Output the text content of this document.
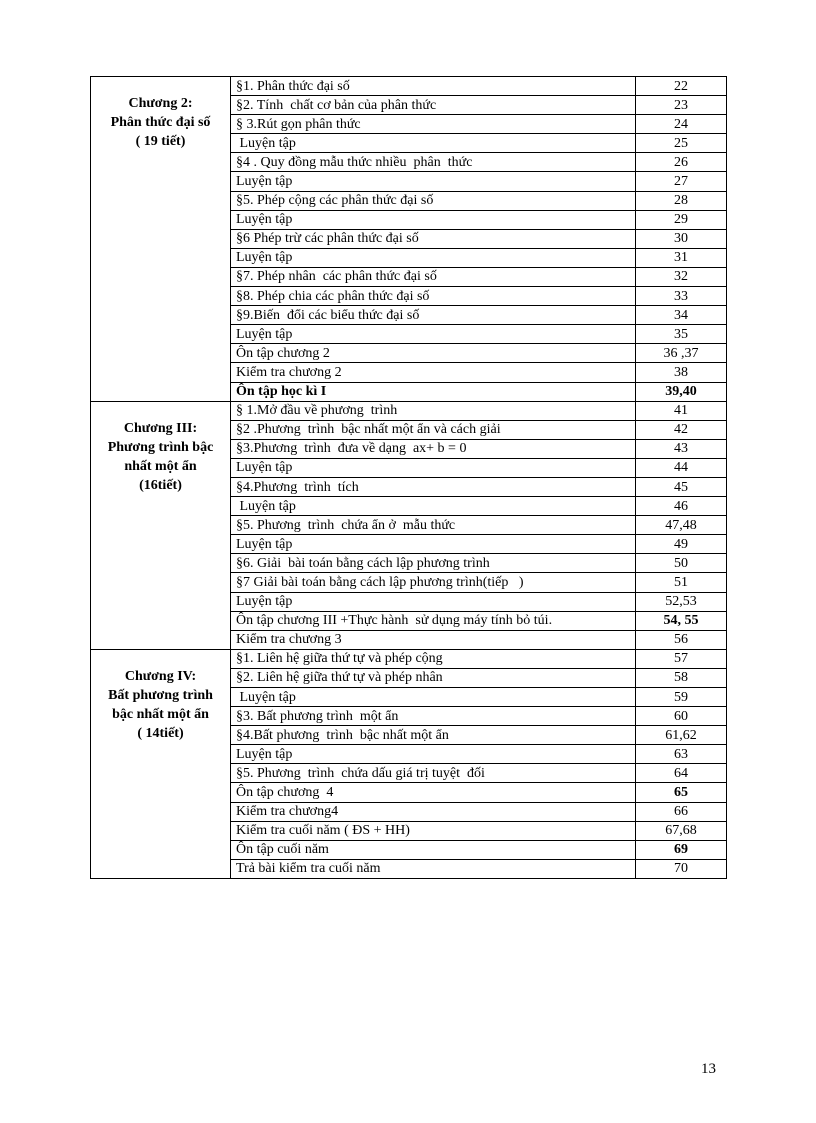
Chương 2:
Phân thức đại số
( 19 tiết)	§1. Phân thức đại số	22
	§2. Tính  chất cơ bản của phân thức	23
	§ 3.Rút gọn phân thức	24
	Luyện tập	25
	§4 . Quy đồng mẫu thức nhiều  phân  thức	26
	Luyện tập	27
	§5. Phép cộng các phân thức đại số	28
	Luyện tập	29
	§6 Phép trừ các phân thức đại số	30
	Luyện tập	31
	§7. Phép nhân  các phân thức đại số	32
	§8. Phép chia các phân thức đại số	33
	§9.Biến  đổi các biểu thức đại số	34
	Luyện tập	35
	Ôn tập chương 2	36 ,37
	Kiểm tra chương 2	38
	Ôn tập học kì I	39,40

Chương III:
Phương trình bậc
nhất một ẩn
(16tiết)	§ 1.Mở đầu về phương  trình	41
	§2 .Phương  trình  bậc nhất một ẩn và cách giải	42
	§3.Phương  trình  đưa về dạng  ax+ b = 0	43
	Luyện tập	44
	§4.Phương  trình  tích	45
	Luyện tập	46
	§5. Phương  trình  chứa ẩn ở  mẫu thức	47,48
	Luyện tập	49
	§6. Giải  bài toán bằng cách lập phương trình	50
	§7 Giải bài toán bằng cách lập phương trình(tiếp   )	51
	Luyện tập	52,53
	Ôn tập chương III +Thực hành  sử dụng máy tính bỏ túi.	54, 55
	Kiểm tra chương 3	56

Chương IV:
Bất phương trình
bậc nhất một ẩn
( 14tiết)	§1. Liên hệ giữa thứ tự và phép cộng	57
	§2. Liên hệ giữa thứ tự và phép nhân	58
	Luyện tập	59
	§3. Bất phương trình  một ẩn	60
	§4.Bất phương  trình  bậc nhất một ẩn	61,62
	Luyện tập	63
	§5. Phương  trình  chứa dấu giá trị tuyệt  đối	64
	Ôn tập chương  4	65
	Kiểm tra chương4	66
	Kiểm tra cuối năm ( ĐS + HH)	67,68
	Ôn tập cuối năm	69
	Trả bài kiểm tra cuối năm	70
13
